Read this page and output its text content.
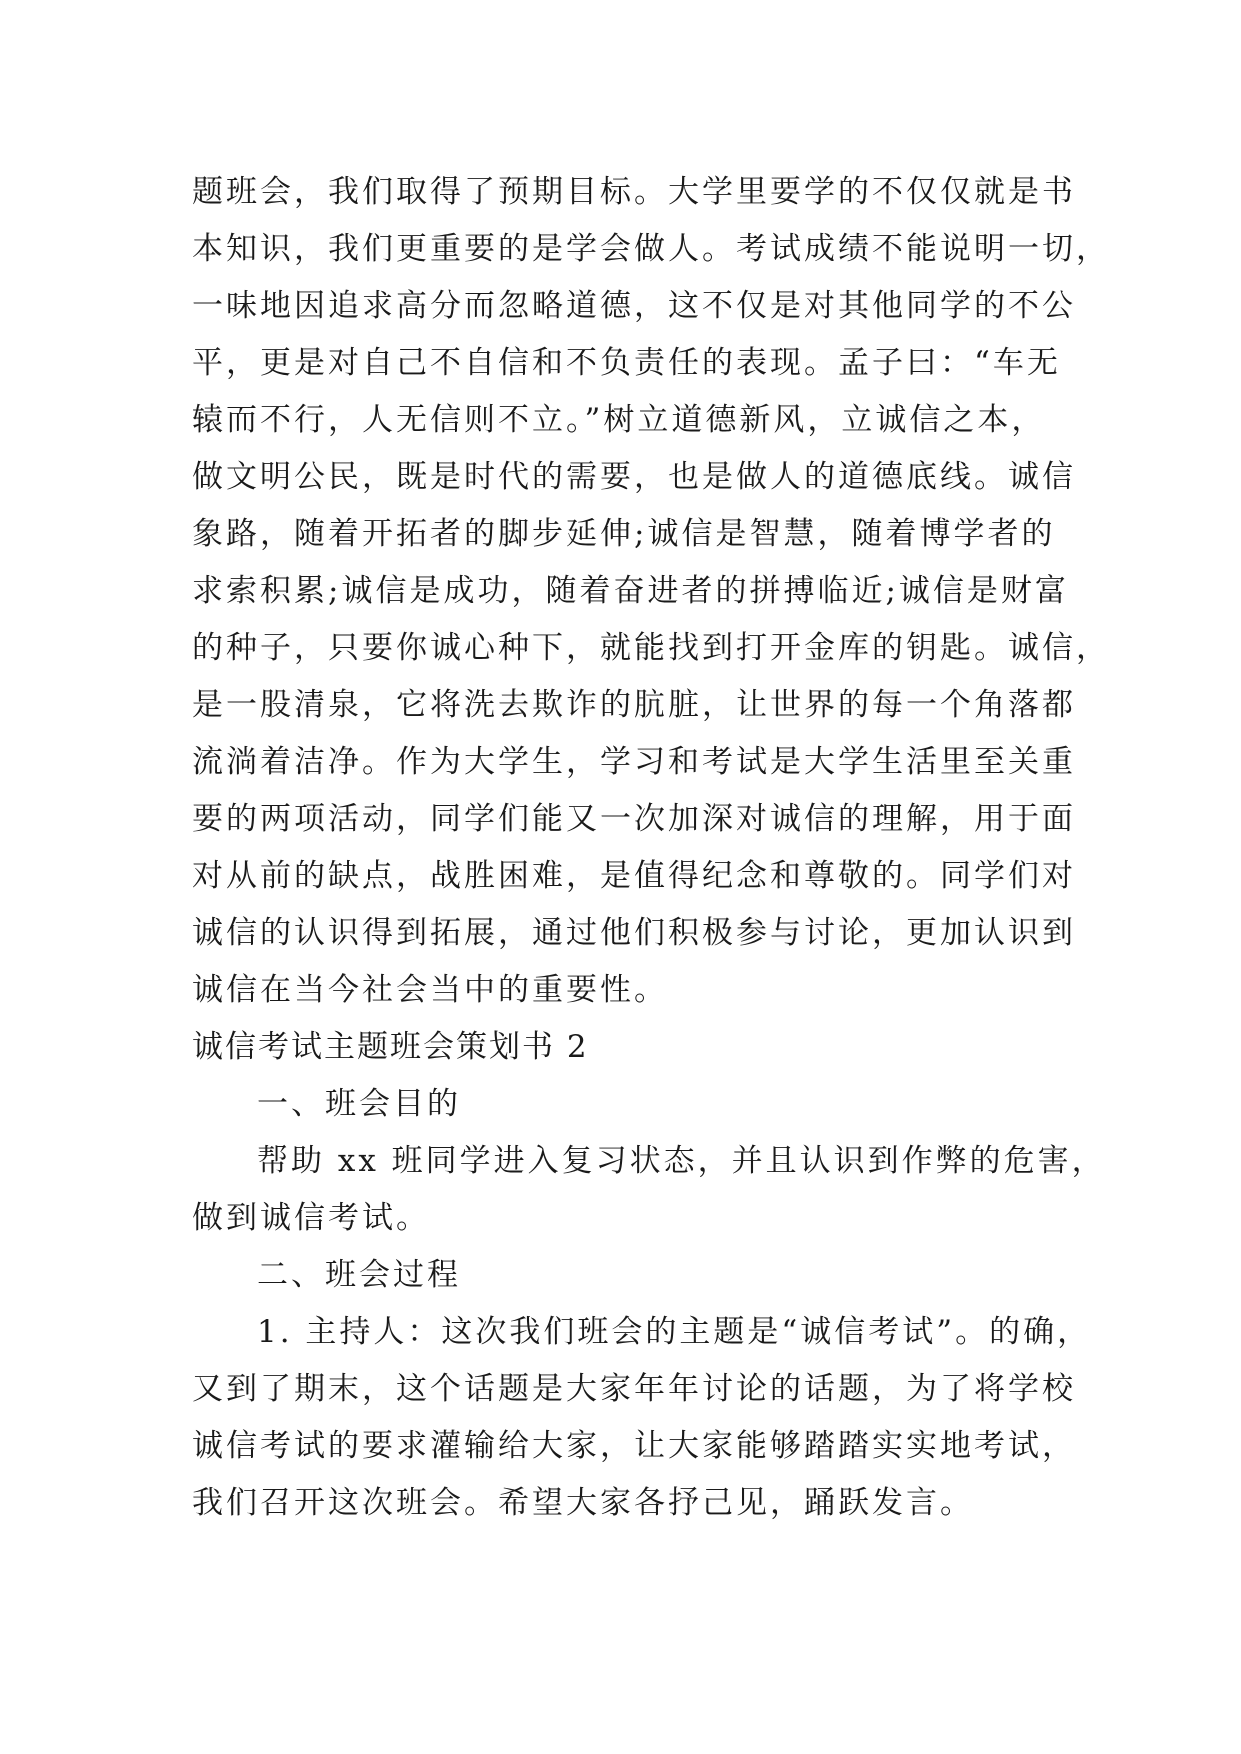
题班会，我们取得了预期目标。大学里要学的不仅仅就是书
本知识，我们更重要的是学会做人。考试成绩不能说明一切，
一味地因追求高分而忽略道德，这不仅是对其他同学的不公
平，更是对自己不自信和不负责任的表现。孟子曰：“车无
辕而不行，人无信则不立。”树立道德新风，立诚信之本，
做文明公民，既是时代的需要，也是做人的道德底线。诚信
象路，随着开拓者的脚步延伸;诚信是智慧，随着博学者的
求索积累;诚信是成功，随着奋进者的拼搏临近;诚信是财富
的种子，只要你诚心种下，就能找到打开金库的钥匙。诚信，
是一股清泉，它将洗去欺诈的肮脏，让世界的每一个角落都
流淌着洁净。作为大学生，学习和考试是大学生活里至关重
要的两项活动，同学们能又一次加深对诚信的理解，用于面
对从前的缺点，战胜困难，是值得纪念和尊敬的。同学们对
诚信的认识得到拓展，通过他们积极参与讨论，更加认识到
诚信在当今社会当中的重要性。
诚信考试主题班会策划书 2
一、班会目的
帮助 xx 班同学进入复习状态，并且认识到作弊的危害，
做到诚信考试。
二、班会过程
1. 主持人：这次我们班会的主题是“诚信考试”。的确，
又到了期末，这个话题是大家年年讨论的话题，为了将学校
诚信考试的要求灌输给大家，让大家能够踏踏实实地考试，
我们召开这次班会。希望大家各抒己见，踊跃发言。
